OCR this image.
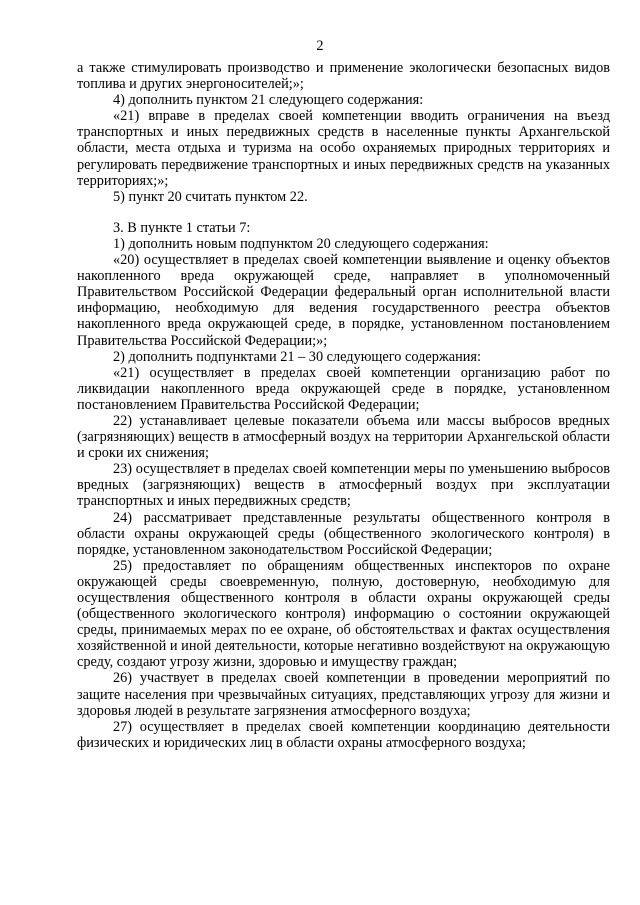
2

а также стимулировать производство и применение экологически безопасных видов топлива и других энергоносителей;»;

4) дополнить пунктом 21 следующего содержания:

«21) вправе в пределах своей компетенции вводить ограничения на въезд транспортных и иных передвижных средств в населенные пункты Архангельской области, места отдыха и туризма на особо охраняемых природных территориях и регулировать передвижение транспортных и иных передвижных средств на указанных территориях;»;

5) пункт 20 считать пунктом 22.

3. В пункте 1 статьи 7:

1) дополнить новым подпунктом 20 следующего содержания:

«20) осуществляет в пределах своей компетенции выявление и оценку объектов накопленного вреда окружающей среде, направляет в уполномоченный Правительством Российской Федерации федеральный орган исполнительной власти информацию, необходимую для ведения государственного реестра объектов накопленного вреда окружающей среде, в порядке, установленном постановлением Правительства Российской Федерации;»;

2) дополнить подпунктами 21 – 30 следующего содержания:

«21) осуществляет в пределах своей компетенции организацию работ по ликвидации накопленного вреда окружающей среде в порядке, установленном постановлением Правительства Российской Федерации;

22) устанавливает целевые показатели объема или массы выбросов вредных (загрязняющих) веществ в атмосферный воздух на территории Архангельской области и сроки их снижения;

23) осуществляет в пределах своей компетенции меры по уменьшению выбросов вредных (загрязняющих) веществ в атмосферный воздух при эксплуатации транспортных и иных передвижных средств;

24) рассматривает представленные результаты общественного контроля в области охраны окружающей среды (общественного экологического контроля) в порядке, установленном законодательством Российской Федерации;

25) предоставляет по обращениям общественных инспекторов по охране окружающей среды своевременную, полную, достоверную, необходимую для осуществления общественного контроля в области охраны окружающей среды (общественного экологического контроля) информацию о состоянии окружающей среды, принимаемых мерах по ее охране, об обстоятельствах и фактах осуществления хозяйственной и иной деятельности, которые негативно воздействуют на окружающую среду, создают угрозу жизни, здоровью и имуществу граждан;

26) участвует в пределах своей компетенции в проведении мероприятий по защите населения при чрезвычайных ситуациях, представляющих угрозу для жизни и здоровья людей в результате загрязнения атмосферного воздуха;

27) осуществляет в пределах своей компетенции координацию деятельности физических и юридических лиц в области охраны атмосферного воздуха;
